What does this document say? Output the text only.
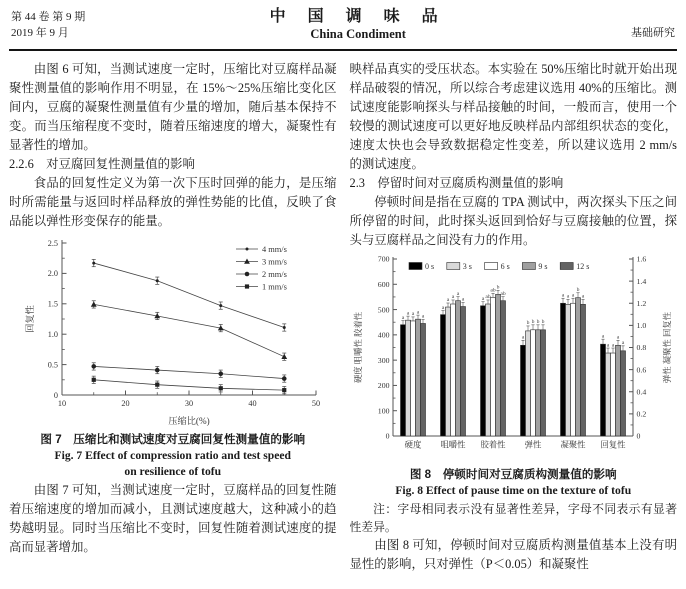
第 44 卷 第 9 期
2019 年 9 月
中 国 调 味 品
China Condiment	基础研究

由图 6 可知，当测试速度一定时，压缩比对豆腐样品凝聚性测量值的影响作用不明显，在 15%～25%压缩比变化区间内，豆腐的凝聚性测量值有少量的增加，随后基本保持不变。而当压缩程度不变时，随着压缩速度的增大，凝聚性有显著性的增加。

2.2.6　对豆腐回复性测量值的影响

食品的回复性定义为第一次下压时回弹的能力，是压缩时所需能量与返回时样品释放的弹性势能的比值，反映了食品能以弹性形变保存的能量。

0
0.5
1.0
1.5
2.0
2.5
10	20	30	40	50
压缩比(%)
回复性
4 mm/s
3 mm/s
2 mm/s
1 mm/s
图 7　压缩比和测试速度对豆腐回复性测量值的影响
Fig. 7 Effect of compression ratio and test speed
on resilience of tofu

由图 7 可知，当测试速度一定时，豆腐样品的回复性随着压缩速度的增加而减小，且测试速度越大，这种减小的趋势越明显。同时当压缩比不变时，回复性随着测试速度的提高而显著增加。

映样品真实的受压状态。本实验在 50%压缩比时就开始出现样品破裂的情况，所以综合考虑建议选用 40%的压缩比。测试速度能影响探头与样品接触的时间，一般而言，使用一个较慢的测试速度可以更好地反映样品内部组织状态的变化，速度太快也会导致数据稳定性变差，所以建议选用 2 mm/s 的测试速度。

2.3　停留时间对豆腐质构测量值的影响

停顿时间是指在豆腐的 TPA 测试中，两次探头下压之间所停留的时间，此时探头返回到恰好与豆腐接触的位置，探头与豆腐样品之间没有力的作用。

0
100
200
300
400
500
600
700
0
0.2
0.4
0.6
0.8
1.0
1.2
1.4
1.6
硬度 咀嚼性 胶着性	弹性 凝聚性 回复性
a
a a a
a
硬度
a
a
a
a
a
咀嚼性
a ab
ab
b
ab
胶着性
a
b b b b
弹性
a a a
b
a
凝聚性
a
a a
a
a
回复性
0 s	3 s	6 s	9 s	12 s
图 8　停顿时间对豆腐质构测量值的影响
Fig. 8 Effect of pause time on the texture of tofu

注：字母相同表示没有显著性差异，字母不同表示有显著性差异。

由图 8 可知，停顿时间对豆腐质构测量值基本上没有明显性的影响，只对弹性（P＜0.05）和凝聚性
